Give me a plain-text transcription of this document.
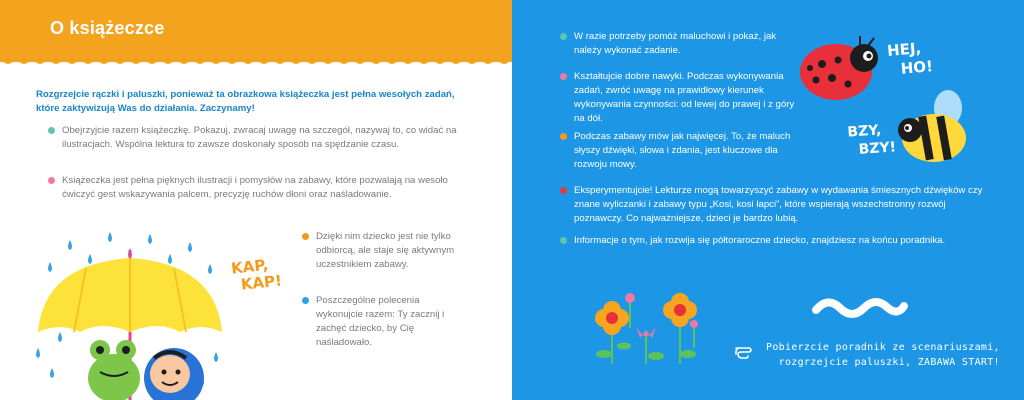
O książeczce
Rozgrzejcie rączki i paluszki, ponieważ ta obrazkowa książeczka jest pełna wesołych zadań, które zaktywizują Was do działania. Zaczynamy!
Obejrzyjcie razem książeczkę. Pokazuj, zwracaj uwagę na szczegół, nazywaj to, co widać na ilustracjach. Wspólna lektura to zawsze doskonały sposób na spędzanie czasu.
Książeczka jest pełna pięknych ilustracji i pomysłów na zabawy, które pozwalają na wesoło ćwiczyć gest wskazywania palcem, precyzję ruchów dłoni oraz naśladowanie.
Dzięki nim dziecko jest nie tylko odbiorcą, ale staje się aktywnym uczestnikiem zabawy.
Poszczególne polecenia wykonujcie razem: Ty zacznij i zachęć dziecko, by Cię naśladowało.
KAP,
KAP!
W razie potrzeby pomóż maluchowi i pokaż, jak należy wykonać zadanie.
Kształtujcie dobre nawyki. Podczas wykonywania zadań, zwróć uwagę na prawidłowy kierunek wykonywania czynności: od lewej do prawej i z góry na dół.
Podczas zabawy mów jak najwięcej. To, że maluch słyszy dźwięki, słowa i zdania, jest kluczowe dla rozwoju mowy.
Eksperymentujcie! Lekturze mogą towarzyszyć zabawy w wydawania śmiesznych dźwięków czy znane wyliczanki i zabawy typu „Kosi, kosi łapci”, które wspierają wszechstronny rozwój poznawczy. Co najważniejsze, dzieci je bardzo lubią.
Informacje o tym, jak rozwija się półtoraroczne dziecko, znajdziesz na końcu poradnika.
HEJ,
HO!
BZY,
BZY!
Pobierzcie poradnik ze scenariuszami,
rozgrzejcie paluszki, ZABAWA START!
